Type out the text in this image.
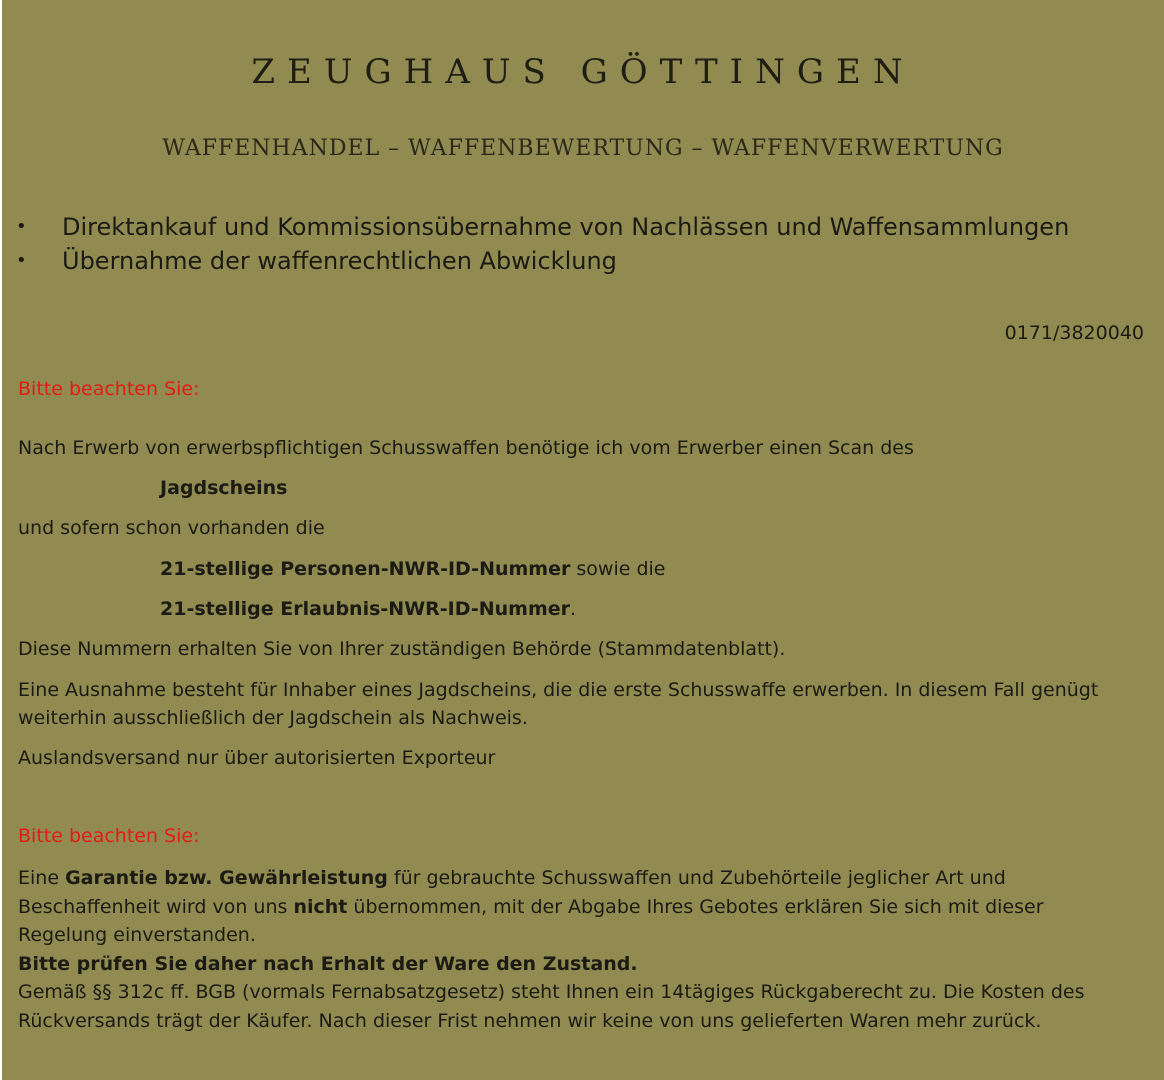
ZEUGHAUS GÖTTINGEN
WAFFENHANDEL – WAFFENBEWERTUNG – WAFFENVERWERTUNG
• Direktankauf und Kommissionsübernahme von Nachlässen und Waffensammlungen
• Übernahme der waffenrechtlichen Abwicklung
0171/3820040
Bitte beachten Sie:

Nach Erwerb von erwerbspflichtigen Schusswaffen benötige ich vom Erwerber einen Scan des

Jagdscheins

und sofern schon vorhanden die

21-stellige Personen-NWR-ID-Nummer sowie die

21-stellige Erlaubnis-NWR-ID-Nummer.

Diese Nummern erhalten Sie von Ihrer zuständigen Behörde (Stammdatenblatt).

Eine Ausnahme besteht für Inhaber eines Jagdscheins, die die erste Schusswaffe erwerben. In diesem Fall genügt weiterhin ausschließlich der Jagdschein als Nachweis.

Auslandsversand nur über autorisierten Exporteur

Bitte beachten Sie:

Eine Garantie bzw. Gewährleistung für gebrauchte Schusswaffen und Zubehörteile jeglicher Art und Beschaffenheit wird von uns nicht übernommen, mit der Abgabe Ihres Gebotes erklären Sie sich mit dieser Regelung einverstanden.

Bitte prüfen Sie daher nach Erhalt der Ware den Zustand.

Gemäß §§ 312c ff. BGB (vormals Fernabsatzgesetz) steht Ihnen ein 14tägiges Rückgaberecht zu. Die Kosten des Rückversands trägt der Käufer. Nach dieser Frist nehmen wir keine von uns gelieferten Waren mehr zurück.
